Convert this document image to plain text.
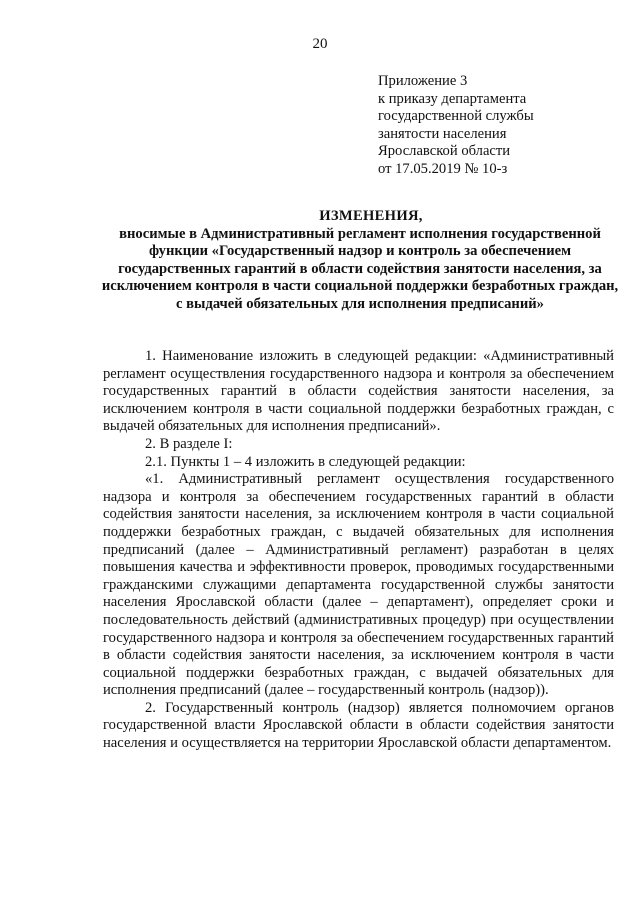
20
Приложение 3
к приказу департамента
государственной службы
занятости населения
Ярославской области
от 17.05.2019 № 10-з
ИЗМЕНЕНИЯ,
вносимые в Административный регламент исполнения государственной функции «Государственный надзор и контроль за обеспечением государственных гарантий в области содействия занятости населения, за исключением контроля в части социальной поддержки безработных граждан, с выдачей обязательных для исполнения предписаний»

1. Наименование изложить в следующей редакции: «Административный регламент осуществления государственного надзора и контроля за обеспечением государственных гарантий в области содействия занятости населения, за исключением контроля в части социальной поддержки безработных граждан, с выдачей обязательных для исполнения предписаний».

2. В разделе I:

2.1. Пункты 1 – 4 изложить в следующей редакции:

«1. Административный регламент осуществления государственного надзора и контроля за обеспечением государственных гарантий в области содействия занятости населения, за исключением контроля в части социальной поддержки безработных граждан, с выдачей обязательных для исполнения предписаний (далее – Административный регламент) разработан в целях повышения качества и эффективности проверок, проводимых государственными гражданскими служащими департамента государственной службы занятости населения Ярославской области (далее – департамент), определяет сроки и последовательность действий (административных процедур) при осуществлении государственного надзора и контроля за обеспечением государственных гарантий в области содействия занятости населения, за исключением контроля в части социальной поддержки безработных граждан, с выдачей обязательных для исполнения предписаний (далее – государственный контроль (надзор)).

2. Государственный контроль (надзор) является полномочием органов государственной власти Ярославской области в области содействия занятости населения и осуществляется на территории Ярославской области департаментом.
